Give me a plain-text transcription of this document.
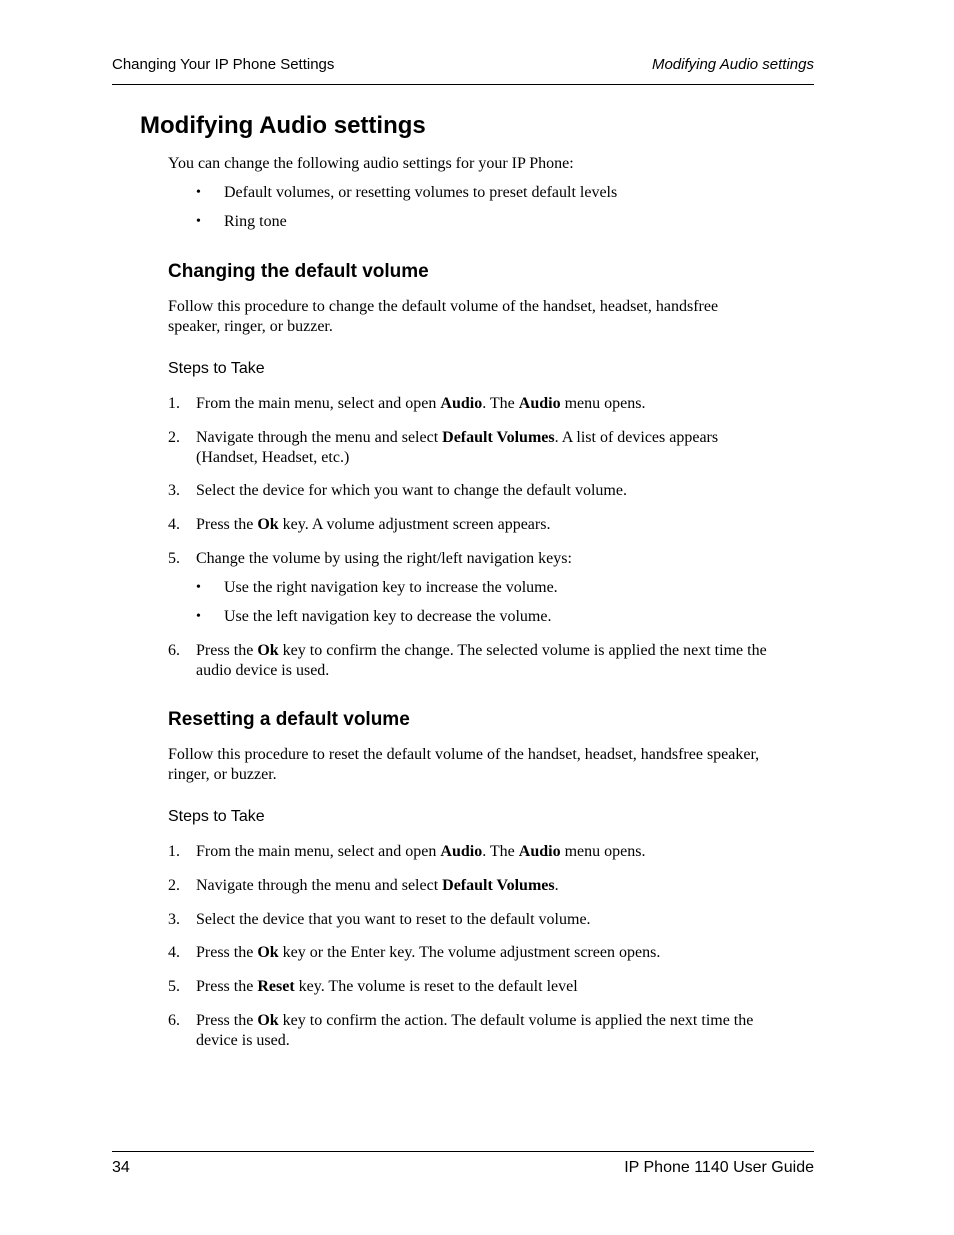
Changing Your IP Phone Settings	Modifying Audio settings
Modifying Audio settings
You can change the following audio settings for your IP Phone:
• Default volumes, or resetting volumes to preset default levels
• Ring tone
Changing the default volume
Follow this procedure to change the default volume of the handset, headset, handsfree
speaker, ringer, or buzzer.
Steps to Take
1. From the main menu, select and open Audio. The Audio menu opens.
2. Navigate through the menu and select Default Volumes. A list of devices appears
(Handset, Headset, etc.)
3. Select the device for which you want to change the default volume.
4. Press the Ok key. A volume adjustment screen appears.
5. Change the volume by using the right/left navigation keys:
• Use the right navigation key to increase the volume.
• Use the left navigation key to decrease the volume.
6. Press the Ok key to confirm the change. The selected volume is applied the next time the
audio device is used.
Resetting a default volume
Follow this procedure to reset the default volume of the handset, headset, handsfree speaker,
ringer, or buzzer.
Steps to Take
1. From the main menu, select and open Audio. The Audio menu opens.
2. Navigate through the menu and select Default Volumes.
3. Select the device that you want to reset to the default volume.
4. Press the Ok key or the Enter key. The volume adjustment screen opens.
5. Press the Reset key. The volume is reset to the default level
6. Press the Ok key to confirm the action. The default volume is applied the next time the
device is used.
34	IP Phone 1140 User Guide
